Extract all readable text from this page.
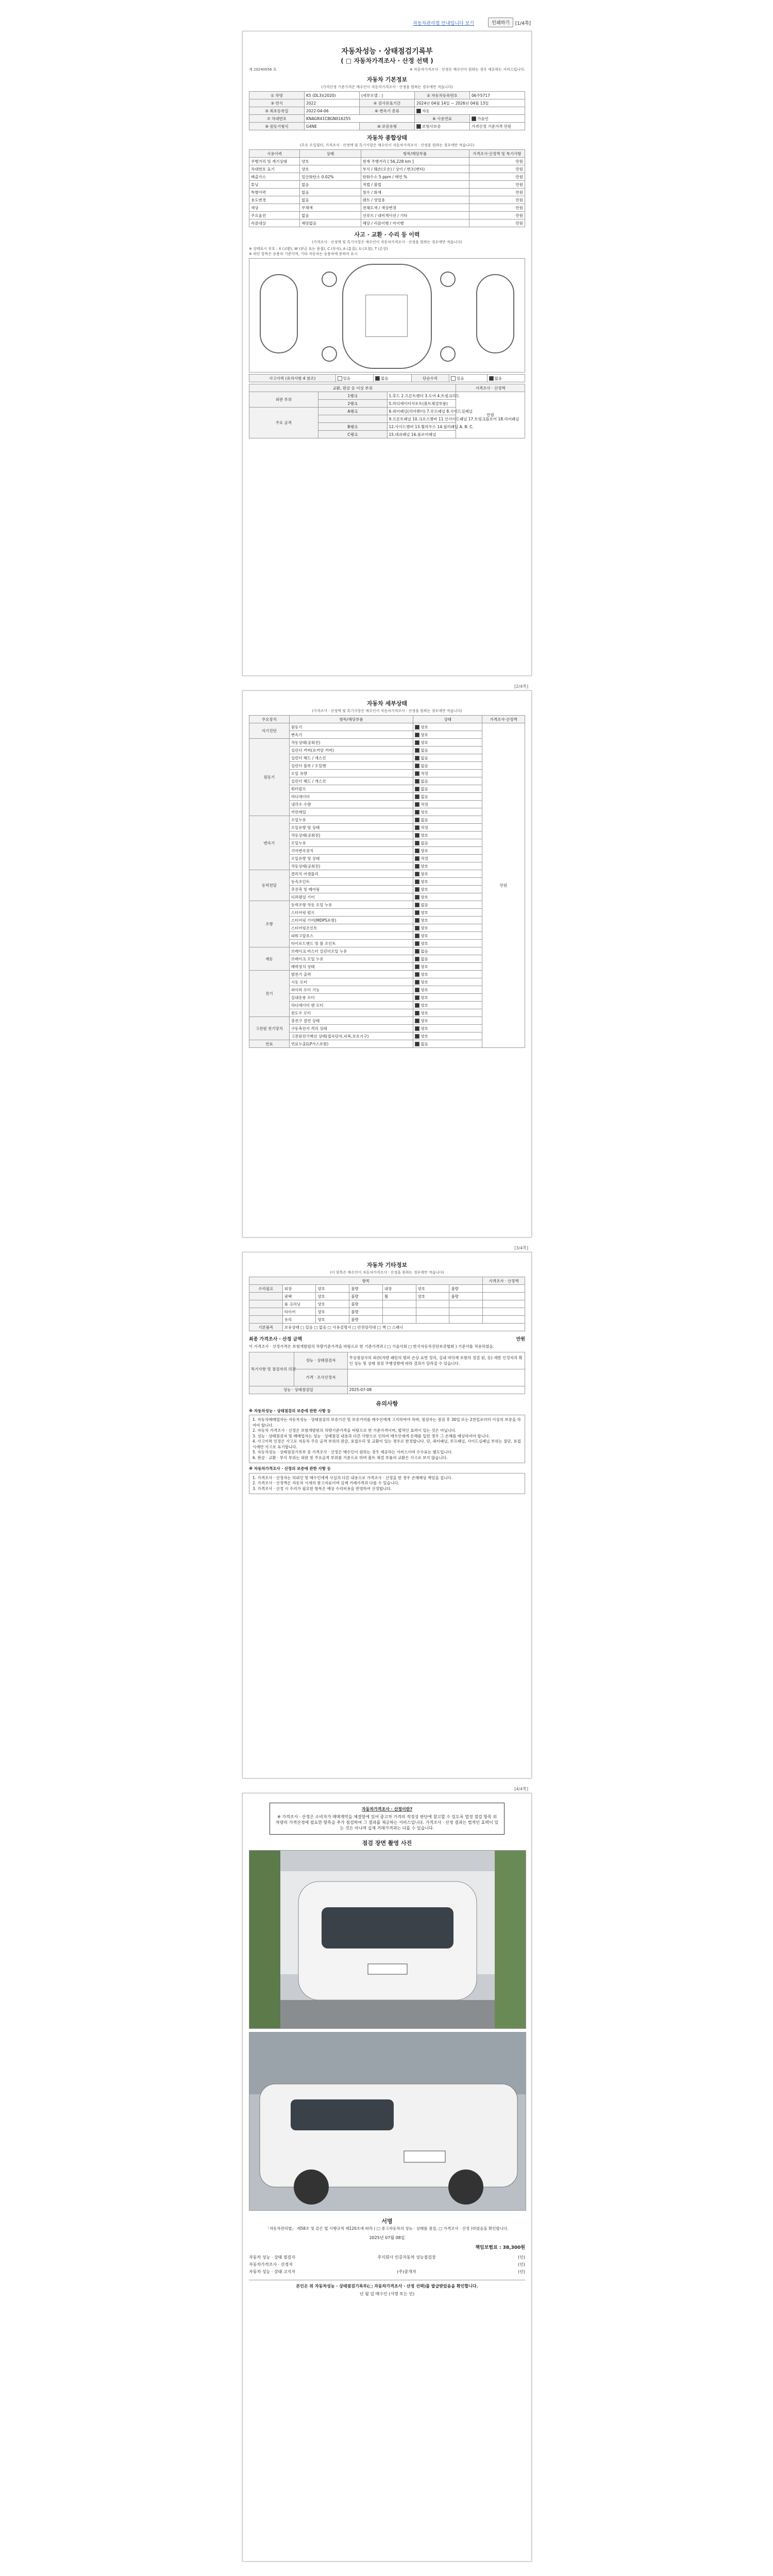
자동차관리법 안내입니다 보기	인쇄하기	[1/4쪽]
자동차성능 · 상태점검기록부
( □ 자동차가격조사 · 산정 선택 )
제 20240056 호	※ 자동차가격조사 · 산정은 매수인이 원하는 경우 제공하는 서비스입니다.
자동차 기본정보
(가격산정 기준가격은 매수인이 자동차가격조사 · 산정을 원하는 경우에만 적습니다)
① 차명	K5 (DL3)(2020)	(세부모델 : )	② 자동차등록번호	06주5717
③ 연식	2022	④ 검사유효기간	2024년 04월 14일 ~ 2026년 04월 13일	
⑤ 최초등록일	2022-04-06	⑥ 변속기 종류	자동	
⑦ 차대번호	KNAGR41CBGN016255		⑧ 사용연료	가솔린
⑨ 원동기형식	G4NE	⑩ 보증유형	보험사보증	가격산정 기준가격 만원
자동차 종합상태
(주요 오일필터, 가격조사 · 산정액 및 특기사항은 매수인이 자동차가격조사 · 산정을 원하는 경우에만 적습니다)
사용이력	상태	항목/해당부품	가격조사·산정액 및 특기사항
주행거리 및 계기상태	양호	현재 주행거리 [ 56,228 km ]	만원
차대번호 표기	양호	부식 / 훼손(오손) / 상이 / 변조(변타)	만원
배출가스	일산화탄소 0.02%	탄화수소 5 ppm / 매연 %	만원
튜닝	없음	적법 / 불법	만원
특별이력	없음	침수 / 화재	만원
용도변경	없음	렌트 / 영업용	만원
색상	무채색	전체도색 / 색상변경	만원
주요옵션	없음	선루프 / 내비게이션 / 기타	만원
리콜대상	해당없음	해당 / 리콜이행 / 미이행	만원
사고 · 교환 · 수리 등 이력
(가격조사 · 산정액 및 특기사항은 매수인이 자동차가격조사 · 산정을 원하는 경우에만 적습니다)
※ 상태표시 부호 : X (교환), W (판금 또는 용접), C (부식), A (흠집), U (요철), T (손상)
※ 하단 항목은 승용차 기준이며, 기타 자동차는 승용차에 준하여 표시
사고이력 (유의사항 4 참조)	있음	없음	단순수리	있음	없음
교환, 판금 등 이상 부위			가격조사 · 산정액
외판 부위	1랭크	1.후드 2.프론트펜더 3.도어 4.트렁크리드	만원
	2랭크	5.라디에이터서포트(볼트체결부품)	
주요 골격	A랭크	6.쿼터패널(리어펜더) 7.루프패널 8.사이드실패널	
		9.프론트패널 10.크로스멤버 11.인사이드패널 17.트렁크플로어 18.리어패널	
	B랭크	12.사이드멤버 13.휠하우스 14.필러패널 A. B. C.	
	C랭크	15.대쉬패널 16.플로어패널	
[2/4쪽]
자동차 세부상태
(가격조사 · 산정액 및 특기사항은 매수인이 자동차가격조사 · 산정을 원하는 경우에만 적습니다)
주요장치	항목/해당부품	상태	가격조사·산정액
자기진단	원동기	양호	만원
	변속기	양호	
원동기	작동상태(공회전)	양호	
	실린더 커버(로커암 커버)	없음	
	실린더 헤드 / 개스킷	없음	
	실린더 블록 / 오일팬	없음	
	오일 유량	적정	
	실린더 헤드 / 개스킷	없음	
	워터펌프	없음	
	라디에이터	없음	
	냉각수 수량	적정	
	커먼레일	양호	
변속기	오일누유	없음	
	오일유량 및 상태	적정	
	작동상태(공회전)	양호	
	오일누유	없음	
	기어변속장치	양호	
	오일유량 및 상태	적정	
	작동상태(공회전)	양호	
동력전달	클러치 어셈블리	양호	
	등속조인트	양호	
	추진축 및 베어링	양호	
	디퍼렌셜 기어	양호	
조향	동력조향 작동 오일 누유	없음	
	스티어링 펌프	양호	
	스티어링 기어(MDPS포함)	양호	
	스티어링조인트	양호	
	파워고압호스	양호	
	타이로드엔드 및 볼 조인트	양호	
제동	브레이크 마스터 실린더오일 누유	없음	
	브레이크 오일 누유	없음	
	배력장치 상태	양호	
전기	발전기 출력	양호	
	시동 모터	양호	
	와이퍼 모터 기능	양호	
	실내송풍 모터	양호	
	라디에이터 팬 모터	양호	
	윈도우 모터	양호	
고전원 전기장치	충전구 절연 상태	양호	
	구동축전지 격리 상태	양호	
	고전원전기배선 상태(접속단자,피복,보호기구)	양호	
연료	연료누출(LP가스포함)	없음	
[3/4쪽]
자동차 기타정보
(이 항목은 매수인이 자동차가격조사 · 산정을 원하는 경우에만 적습니다)
항목							가격조사 · 산정액
수리필요	외장	양호	불량	내장	양호	불량	
	광택	양호	불량	휠	양호	불량	
	룸 크리닝	양호	불량				
	타이어	양호	불량				
	유리	양호	불량				
기본품목	보유상태 □ 있음 □ 없음 □ 사용설명서 □ 안전삼각대 □ 잭 □ 스패너						
최종 가격조사 · 산정 금액	만원
이 가격조사 · 산정가격은 보험개발원의 차량기준가격을 바탕으로 한 기준가격과 ( □ 기술사회 □ 한국자동차진단보증협회 ) 기준서를 적용하였음.
특기사항 및 점검자의 의견	성능 · 상태점검자	무상점검사의 외관(차량 패턴의 범퍼 손상 표면 정리, 실내 바닥재 포함의 정결 된, 등) 세한 인정자의 확인 성능 및 상태 점검 주행성향에 따라 결과가 달라질 수 있습니다.
	가격 · 조사산정자	
성능 · 상태점검일		2025-07-08
유의사항
※ 자동차성능 · 상태점검의 보증에 관한 사항 등
1. 자동차매매업자는 자동차성능 · 상태점검의 보증기간 및 보증거리를 매수인에게 고지하여야 하며, 점검자는 점검 후 30일 또는 2천킬로미터 이상의 보증을 하여야 합니다.
2. 자동차 가격조사 · 산정은 보험개발원의 차량기준가격을 바탕으로 한 기준가격이며, 법적인 효력이 있는 것은 아닙니다.
3. 성능 · 상태점검자 및 매매업자는 성능 · 상태점검 내용과 다른 사항으로 인하여 매수인에게 손해를 입힌 경우 그 손해를 배상하여야 합니다.
4. 사고이력 인정은 사고로 자동차 주요 골격 부위의 판금, 용접수리 및 교환이 있는 경우로 한정합니다. 단, 쿼터패널, 루프패널, 사이드실패널 부위는 절단, 용접 시에만 사고로 표기합니다.
5. 자동차성능 · 상태점검기록부 중 가격조사 · 산정은 매수인이 원하는 경우 제공하는 서비스이며 수수료는 별도입니다.
6. 판금 · 교환 · 부식 부위는 외판 및 주요골격 부위를 기준으로 하며 볼트 체결 부품의 교환은 사고로 보지 않습니다.
※ 자동차가격조사 · 산정의 보증에 관한 사항 등
1. 가격조사 · 산정자는 의뢰인 및 매수인에게 사실과 다른 내용으로 가격조사 · 산정을 한 경우 손해배상 책임을 집니다.
2. 가격조사 · 산정액은 자동차 시세의 참고자료이며 실제 거래가격과 다를 수 있습니다.
3. 가격조사 · 산정 시 수리가 필요한 항목은 예상 수리비용을 반영하여 산정합니다.
[4/4쪽]
자동차가격조사 · 산정이란?
※ 가격조사 · 산정은 소비자가 매매계약을 체결함에 있어 중고차 가격의 적정성 판단에 참고할 수 있도록 법정 점검 항목 외 차량의 가격산정에 필요한 항목을 추가 점검하여 그 결과를 제공하는 서비스입니다. 가격조사 · 산정 결과는 법적인 효력이 있는 것은 아니며 실제 거래가격과는 다를 수 있습니다.
점검 장면 촬영 사진
서명
「자동차관리법」 제58조 및 같은 법 시행규칙 제120조에 따라 ( □ 중고자동차의 성능 · 상태를 점검, □ 가격조사 · 산정 )하였음을 확인합니다.
2025년 07월 08일
책임보험료 : 38,300원
자동차 성능 · 상태 점검자	주식회사 인증자동차 성능점검장	(인)
자동차가격조사 · 산정자	(인)
자동차 성능 · 상태 고지자	(주)중개자	(인)
본인은 위 자동차성능 · 상태점검기록부(□ 자동차가격조사 · 산정 선택)를 발급받았음을 확인합니다.
년 월 일 매수인 (서명 또는 인)
